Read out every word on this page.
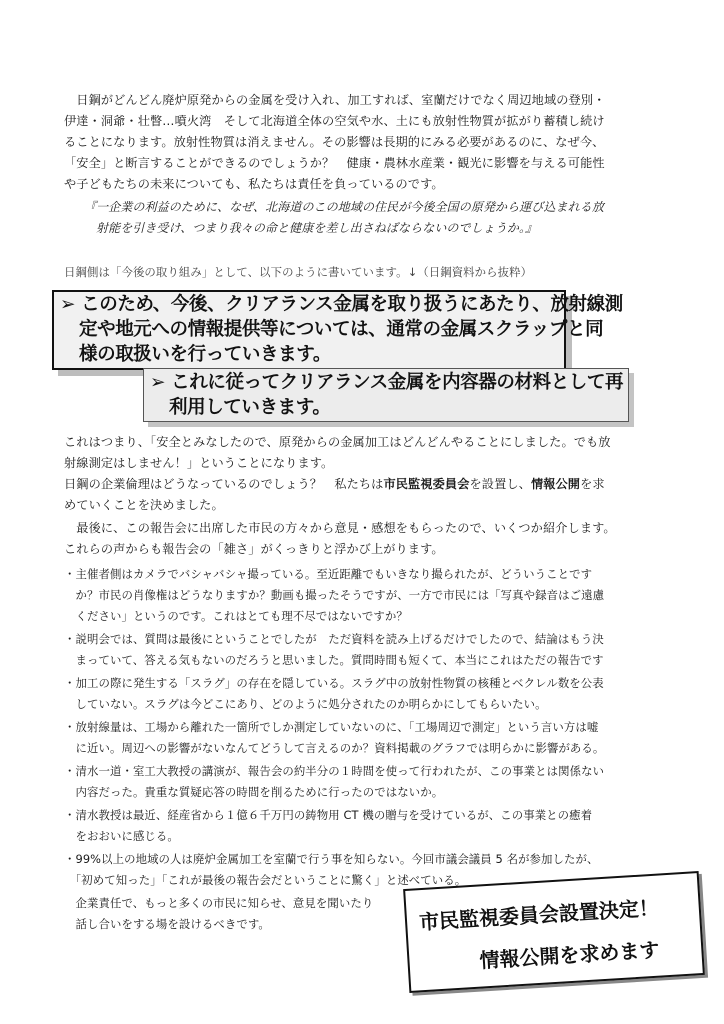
　日鋼がどんどん廃炉原発からの金属を受け入れ、加工すれば、室蘭だけでなく周辺地域の登別・
伊達・洞爺・壮瞥…噴火湾　そして北海道全体の空気や水、土にも放射性物質が拡がり蓄積し続け
ることになります。放射性物質は消えません。その影響は長期的にみる必要があるのに、なぜ今、
「安全」と断言することができるのでしょうか？　健康・農林水産業・観光に影響を与える可能性
や子どもたちの未来についても、私たちは責任を負っているのです。
『一企業の利益のために、なぜ、北海道のこの地域の住民が今後全国の原発から運び込まれる放
射能を引き受け、つまり我々の命と健康を差し出さねばならないのでしょうか。』
日鋼側は「今後の取り組み」として、以下のように書いています。↓（日鋼資料から抜粋）
➢ このため、今後、クリアランス金属を取り扱うにあたり、放射線測
定や地元への情報提供等については、通常の金属スクラップと同
様の取扱いを行っていきます。
➢ これに従ってクリアランス金属を内容器の材料として再
利用していきます。
これはつまり、「安全とみなしたので、原発からの金属加工はどんどんやることにしました。でも放
射線測定はしません！」ということになります。
日鋼の企業倫理はどうなっているのでしょう？　私たちは市民監視委員会を設置し、情報公開を求
めていくことを決めました。
　最後に、この報告会に出席した市民の方々から意見・感想をもらったので、いくつか紹介します。
これらの声からも報告会の「雑さ」がくっきりと浮かび上がります。
・主催者側はカメラでバシャバシャ撮っている。至近距離でもいきなり撮られたが、どういうことです
　か？市民の肖像権はどうなりますか？動画も撮ったそうですが、一方で市民には「写真や録音はご遠慮
　ください」というのです。これはとても理不尽ではないですか？
・説明会では、質問は最後にということでしたが　ただ資料を読み上げるだけでしたので、結論はもう決
　まっていて、答える気もないのだろうと思いました。質問時間も短くて、本当にこれはただの報告です
・加工の際に発生する「スラグ」の存在を隠している。スラグ中の放射性物質の核種とベクレル数を公表
　していない。スラグは今どこにあり、どのように処分されたのか明らかにしてもらいたい。
・放射線量は、工場から離れた一箇所でしか測定していないのに、「工場周辺で測定」という言い方は嘘
　に近い。周辺への影響がないなんてどうして言えるのか？資料掲載のグラフでは明らかに影響がある。
・清水一道・室工大教授の講演が、報告会の約半分の１時間を使って行われたが、この事業とは関係ない
　内容だった。貴重な質疑応答の時間を削るために行ったのではないか。
・清水教授は最近、経産省から１億６千万円の鋳物用 CT 機の贈与を受けているが、この事業との癒着
　をおおいに感じる。
・99%以上の地域の人は廃炉金属加工を室蘭で行う事を知らない。今回市議会議員 5 名が参加したが、
　「初めて知った」「これが最後の報告会だということに驚く」と述べている。
　企業責任で、もっと多くの市民に知らせ、意見を聞いたり
　話し合いをする場を設けるべきです。	市民監視委員会設置決定！
情報公開を求めます
